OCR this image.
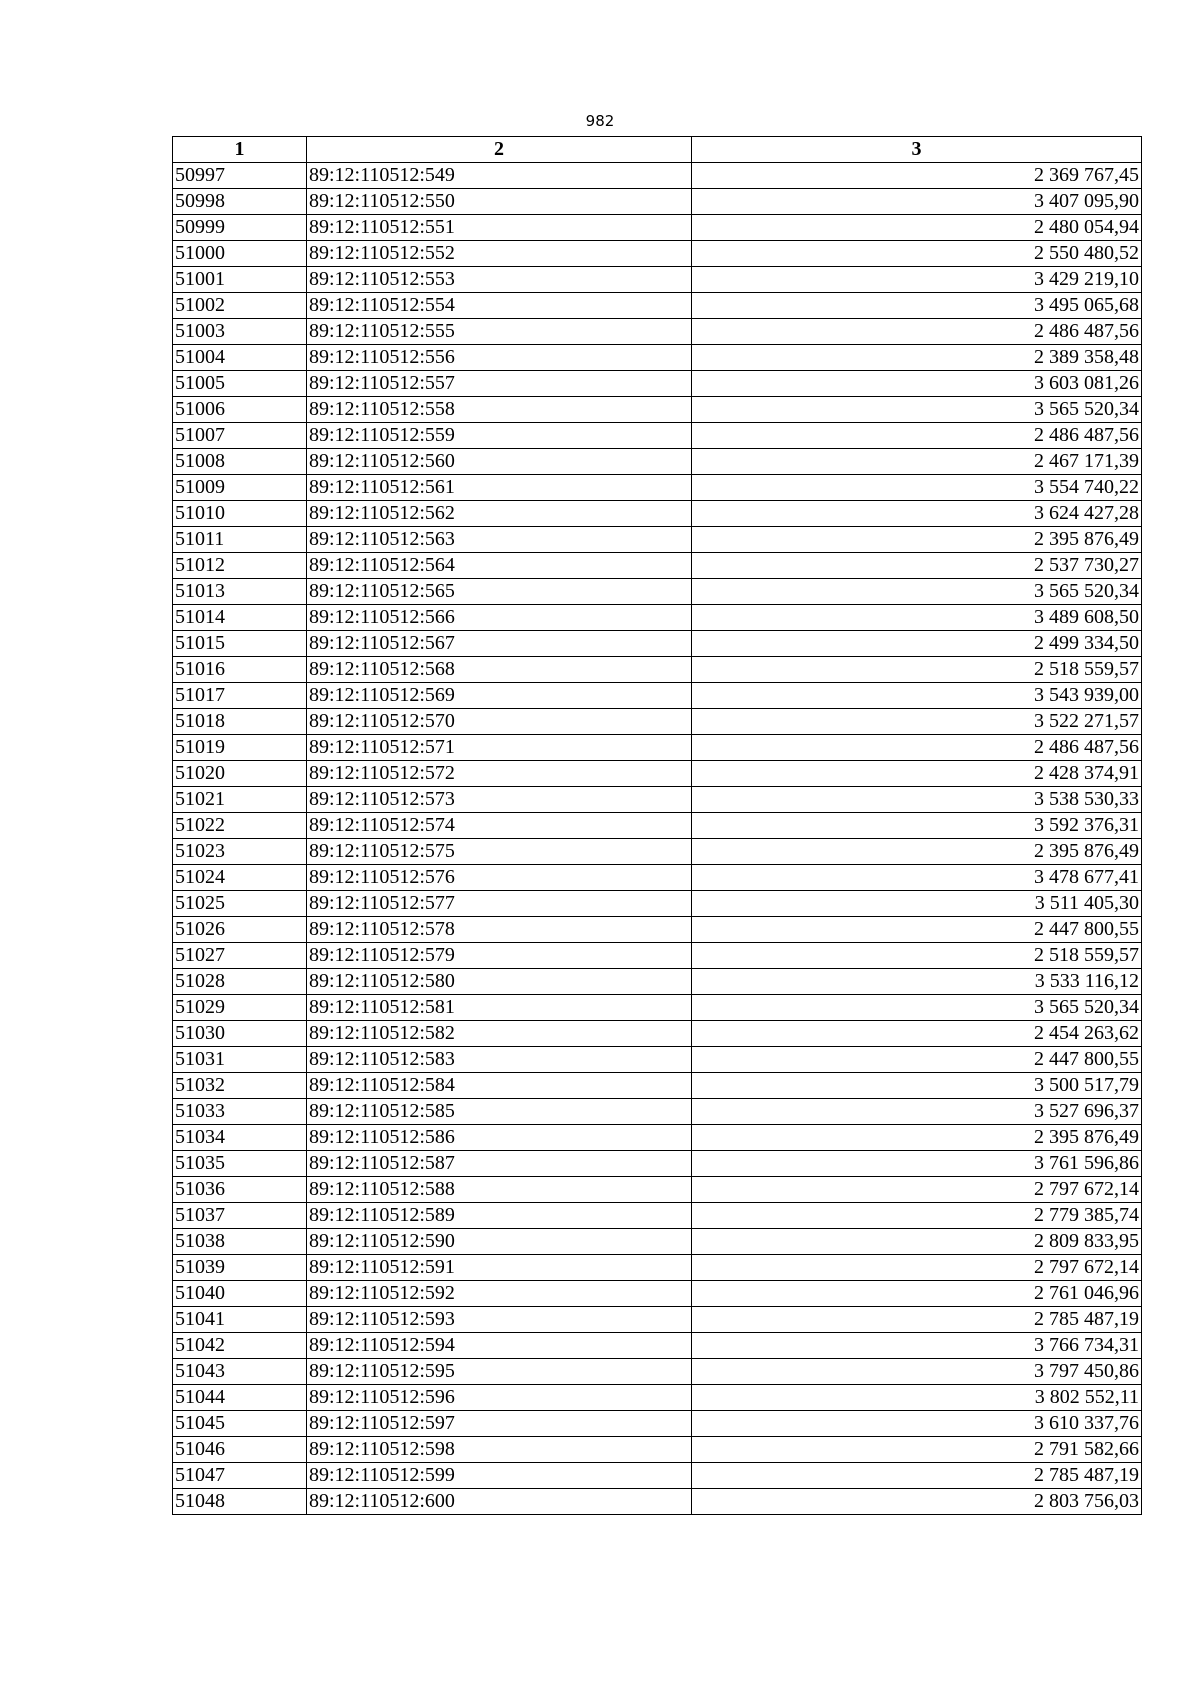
982
1	2	3
50997	89:12:110512:549	2 369 767,45
50998	89:12:110512:550	3 407 095,90
50999	89:12:110512:551	2 480 054,94
51000	89:12:110512:552	2 550 480,52
51001	89:12:110512:553	3 429 219,10
51002	89:12:110512:554	3 495 065,68
51003	89:12:110512:555	2 486 487,56
51004	89:12:110512:556	2 389 358,48
51005	89:12:110512:557	3 603 081,26
51006	89:12:110512:558	3 565 520,34
51007	89:12:110512:559	2 486 487,56
51008	89:12:110512:560	2 467 171,39
51009	89:12:110512:561	3 554 740,22
51010	89:12:110512:562	3 624 427,28
51011	89:12:110512:563	2 395 876,49
51012	89:12:110512:564	2 537 730,27
51013	89:12:110512:565	3 565 520,34
51014	89:12:110512:566	3 489 608,50
51015	89:12:110512:567	2 499 334,50
51016	89:12:110512:568	2 518 559,57
51017	89:12:110512:569	3 543 939,00
51018	89:12:110512:570	3 522 271,57
51019	89:12:110512:571	2 486 487,56
51020	89:12:110512:572	2 428 374,91
51021	89:12:110512:573	3 538 530,33
51022	89:12:110512:574	3 592 376,31
51023	89:12:110512:575	2 395 876,49
51024	89:12:110512:576	3 478 677,41
51025	89:12:110512:577	3 511 405,30
51026	89:12:110512:578	2 447 800,55
51027	89:12:110512:579	2 518 559,57
51028	89:12:110512:580	3 533 116,12
51029	89:12:110512:581	3 565 520,34
51030	89:12:110512:582	2 454 263,62
51031	89:12:110512:583	2 447 800,55
51032	89:12:110512:584	3 500 517,79
51033	89:12:110512:585	3 527 696,37
51034	89:12:110512:586	2 395 876,49
51035	89:12:110512:587	3 761 596,86
51036	89:12:110512:588	2 797 672,14
51037	89:12:110512:589	2 779 385,74
51038	89:12:110512:590	2 809 833,95
51039	89:12:110512:591	2 797 672,14
51040	89:12:110512:592	2 761 046,96
51041	89:12:110512:593	2 785 487,19
51042	89:12:110512:594	3 766 734,31
51043	89:12:110512:595	3 797 450,86
51044	89:12:110512:596	3 802 552,11
51045	89:12:110512:597	3 610 337,76
51046	89:12:110512:598	2 791 582,66
51047	89:12:110512:599	2 785 487,19
51048	89:12:110512:600	2 803 756,03
